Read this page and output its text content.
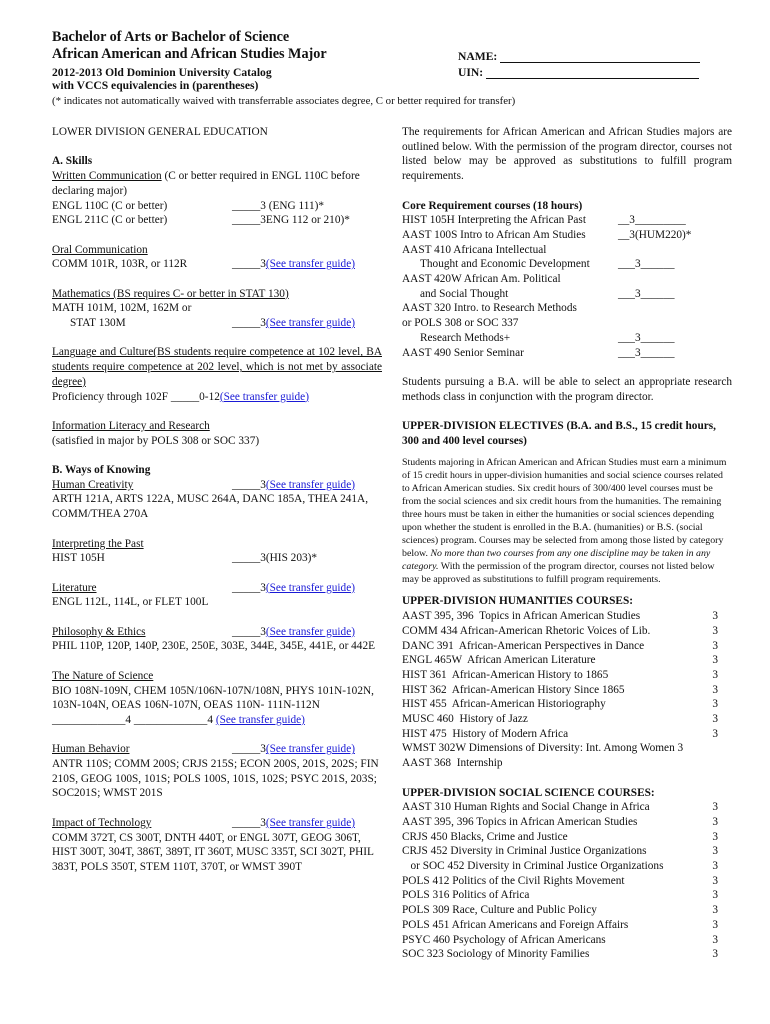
Bachelor of Arts or Bachelor of Science
African American and African Studies Major	NAME:
2012-2013 Old Dominion University Catalog
with VCCS equivalencies in (parentheses)
UIN:
(* indicates not automatically waived with transferrable associates degree, C or better required for transfer)
LOWER DIVISION GENERAL EDUCATION
A. Skills
Written Communication (C or better required in ENGL 110C before declaring major)
ENGL 110C (C or better)	_____3 (ENG 111)*
ENGL 211C (C or better)	_____3ENG 112 or 210)*
Oral Communication
COMM 101R, 103R, or 112R	_____3(See transfer guide)
Mathematics (BS requires C- or better in STAT 130)
MATH 101M, 102M, 162M or
STAT 130M	_____3(See transfer guide)
Language and Culture(BS students require competence at 102 level, BA students require competence at 202 level, which is not met by associate degree)
Proficiency through 102F _____0-12(See transfer guide)
Information Literacy and Research
(satisfied in major by POLS 308 or SOC 337)
B. Ways of Knowing
Human Creativity	_____3(See transfer guide)
ARTH 121A, ARTS 122A, MUSC 264A, DANC 185A, THEA 241A, COMM/THEA 270A
Interpreting the Past
HIST 105H	_____3(HIS 203)*
Literature	_____3(See transfer guide)
ENGL 112L, 114L, or FLET 100L
Philosophy & Ethics	_____3(See transfer guide)
PHIL 110P, 120P, 140P, 230E, 250E, 303E, 344E, 345E, 441E, or 442E
The Nature of Science
BIO 108N-109N, CHEM 105N/106N-107N/108N, PHYS 101N-102N, 103N-104N, OEAS 106N-107N, OEAS 110N- 111N-112N
_____________4 _____________4 (See transfer guide)
Human Behavior	_____3(See transfer guide)
ANTR 110S; COMM 200S; CRJS 215S; ECON 200S, 201S, 202S; FIN 210S, GEOG 100S, 101S; POLS 100S, 101S, 102S; PSYC 201S, 203S; SOC201S; WMST 201S
Impact of Technology	_____3(See transfer guide)
COMM 372T, CS 300T, DNTH 440T, or ENGL 307T, GEOG 306T, HIST 300T, 304T, 386T, 389T, IT 360T, MUSC 335T, SCI 302T, PHIL 383T, POLS 350T, STEM 110T, 370T, or WMST 390T
The requirements for African American and African Studies majors are outlined below. With the permission of the program director, courses not listed below may be approved as substitutions to fulfill program requirements.
Core Requirement courses (18 hours)
HIST 105H Interpreting the African Past	__3_________
AAST 100S Intro to African Am Studies	__3(HUM220)*
AAST 410 Africana Intellectual
Thought and Economic Development	___3______
AAST 420W African Am. Political
and Social Thought	___3______
AAST 320 Intro. to Research Methods
or POLS 308 or SOC 337
Research Methods+	___3______
AAST 490 Senior Seminar	___3______
Students pursuing a B.A. will be able to select an appropriate research methods class in conjunction with the program director.
UPPER-DIVISION ELECTIVES (B.A. and B.S., 15 credit hours, 300 and 400 level courses)
Students majoring in African American and African Studies must earn a minimum of 15 credit hours in upper-division humanities and social science courses related to African American studies. Six credit hours of 300/400 level courses must be from the social sciences and six credit hours from the humanities. The remaining three hours must be taken in either the humanities or social sciences depending upon whether the student is enrolled in the B.A. (humanities) or B.S. (social sciences) program. Courses may be selected from among those listed by category below. No more than two courses from any one discipline may be taken in any category. With the permission of the program director, courses not listed below may be approved as substitutions to fulfill program requirements.
UPPER-DIVISION HUMANITIES COURSES:
AAST 395, 396  Topics in African American Studies	3
COMM 434 African-American Rhetoric Voices of Lib.	3
DANC 391  African-American Perspectives in Dance	3
ENGL 465W  African American Literature	3
HIST 361  African-American History to 1865	3
HIST 362  African-American History Since 1865	3
HIST 455  African-American Historiography	3
MUSC 460  History of Jazz	3
HIST 475  History of Modern Africa	3
WMST 302W Dimensions of Diversity: Int. Among Women 3
AAST 368  Internship
UPPER-DIVISION SOCIAL SCIENCE COURSES:
AAST 310 Human Rights and Social Change in Africa	3
AAST 395, 396 Topics in African American Studies	3
CRJS 450 Blacks, Crime and Justice	3
CRJS 452 Diversity in Criminal Justice Organizations	3
or SOC 452 Diversity in Criminal Justice Organizations	3
POLS 412 Politics of the Civil Rights Movement	3
POLS 316 Politics of Africa	3
POLS 309 Race, Culture and Public Policy	3
POLS 451 African Americans and Foreign Affairs	3
PSYC 460 Psychology of African Americans	3
SOC 323 Sociology of Minority Families	3
